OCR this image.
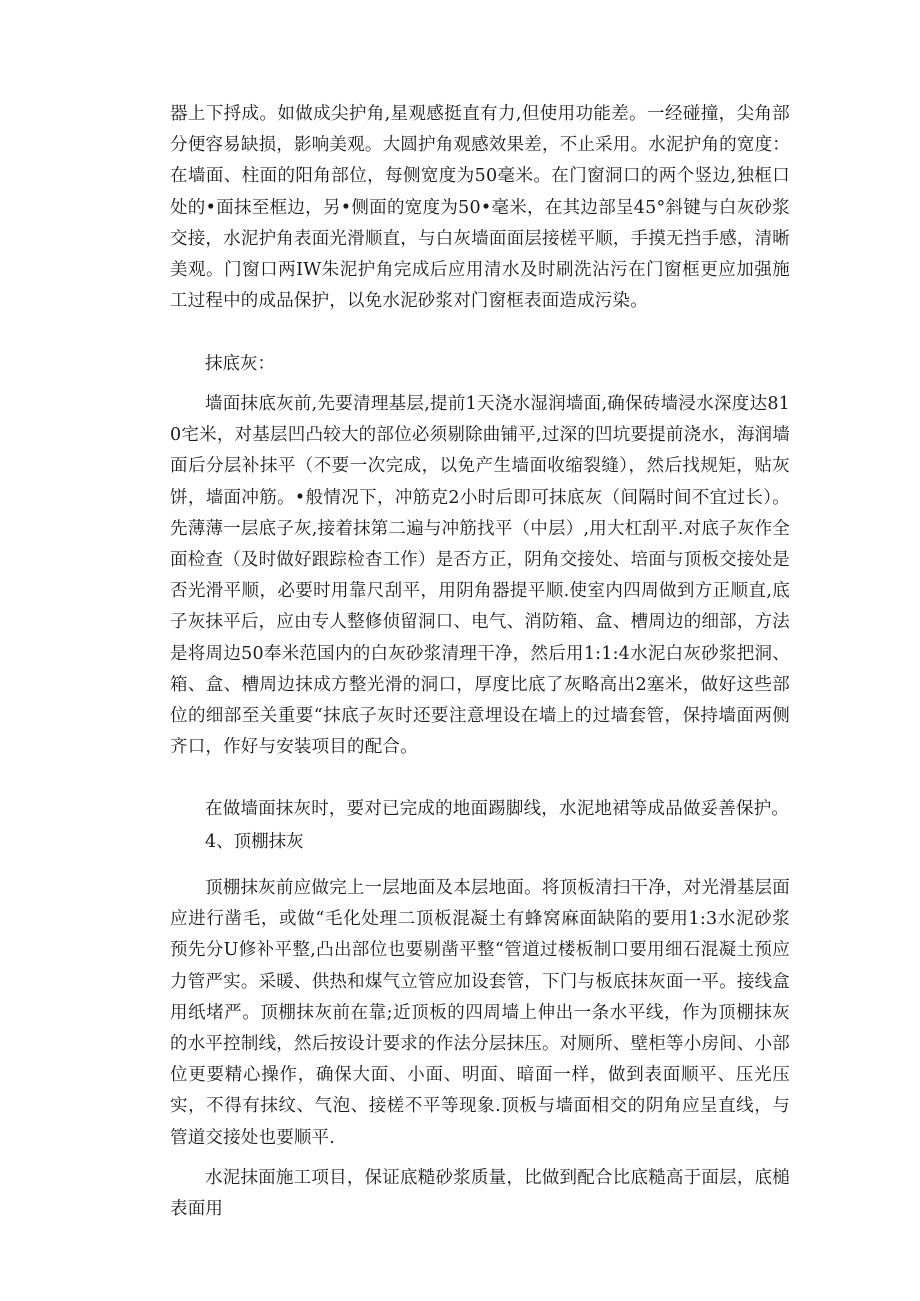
器上下捋成。如做成尖护角,星观感挺直有力,但使用功能差。一经碰撞，尖角部分便容易缺损，影响美观。大圆护角观感效果差，不止采用。水泥护角的宽度：在墙面、柱面的阳角部位，每侧宽度为50毫米。在门窗洞口的两个竖边,独框口处的•面抹至框边，另•侧面的宽度为50•毫米，在其边部呈45°斜键与白灰砂浆交接，水泥护角表面光滑顺直，与白灰墙面面层接槎平顺，手摸无挡手感，清晰美观。门窗口两IW朱泥护角完成后应用清水及时刷洗沾污在门窗框更应加强施工过程中的成品保护，以免水泥砂浆对门窗框表面造成污染。

抹底灰：

墙面抹底灰前,先要清理基层,提前1天浇水湿润墙面,确保砖墙浸水深度达810宅米，对基层凹凸较大的部位必须剔除曲铺平,过深的凹坑要提前浇水，海润墙面后分层补抹平（不要一次完成，以免产生墙面收缩裂缝），然后找规矩，贴灰饼，墙面冲筋。•般情况下，冲筋克2小时后即可抹底灰（间隔时间不宜过长）。先薄薄一层底子灰,接着抹第二遍与冲筋找平（中层）,用大杠刮平.对底子灰作全面检查（及时做好跟踪检杳工作）是否方正，阴角交接处、培面与顶板交接处是否光滑平顺，必要时用靠尺刮平，用阴角器提平顺.使室内四周做到方正顺直,底子灰抹平后，应由专人整修侦留洞口、电气、消防箱、盒、槽周边的细部，方法是将周边50奉米范国内的白灰砂浆清理干净，然后用1:1:4水泥白灰砂浆把洞、箱、盒、槽周边抹成方整光滑的洞口，厚度比底了灰略高出2塞米，做好这些部位的细部至关重要“抹底子灰时还要注意埋设在墙上的过墙套管，保持墙面两侧齐口，作好与安装项目的配合。

在做墙面抹灰时，要对已完成的地面踢脚线，水泥地裙等成品做妥善保护。

4、顶棚抹灰

顶棚抹灰前应做完上一层地面及本层地面。将顶板清扫干净，对光滑基层面应进行凿毛，或做“毛化处理二顶板混凝土有蜂窝麻面缺陷的要用1:3水泥砂浆预先分U修补平整,凸出部位也要剔凿平整“管道过楼板制口要用细石混凝土预应力管严实。采暖、供热和煤气立管应加设套管，下门与板底抹灰面一平。接线盒用纸堵严。顶棚抹灰前在靠;近顶板的四周墙上伸出一条水平线，作为顶棚抹灰的水平控制线，然后按设计要求的作法分层抹压。对厕所、壁柜等小房间、小部位更要精心操作，确保大面、小面、明面、暗面一样，做到表面顺平、压光压实，不得有抹纹、气泡、接槎不平等现象.顶板与墙面相交的阴角应呈直线，与管道交接处也要顺平.

水泥抹面施工项目，保证底糙砂浆质量，比做到配合比底糙高于面层，底槌表面用
